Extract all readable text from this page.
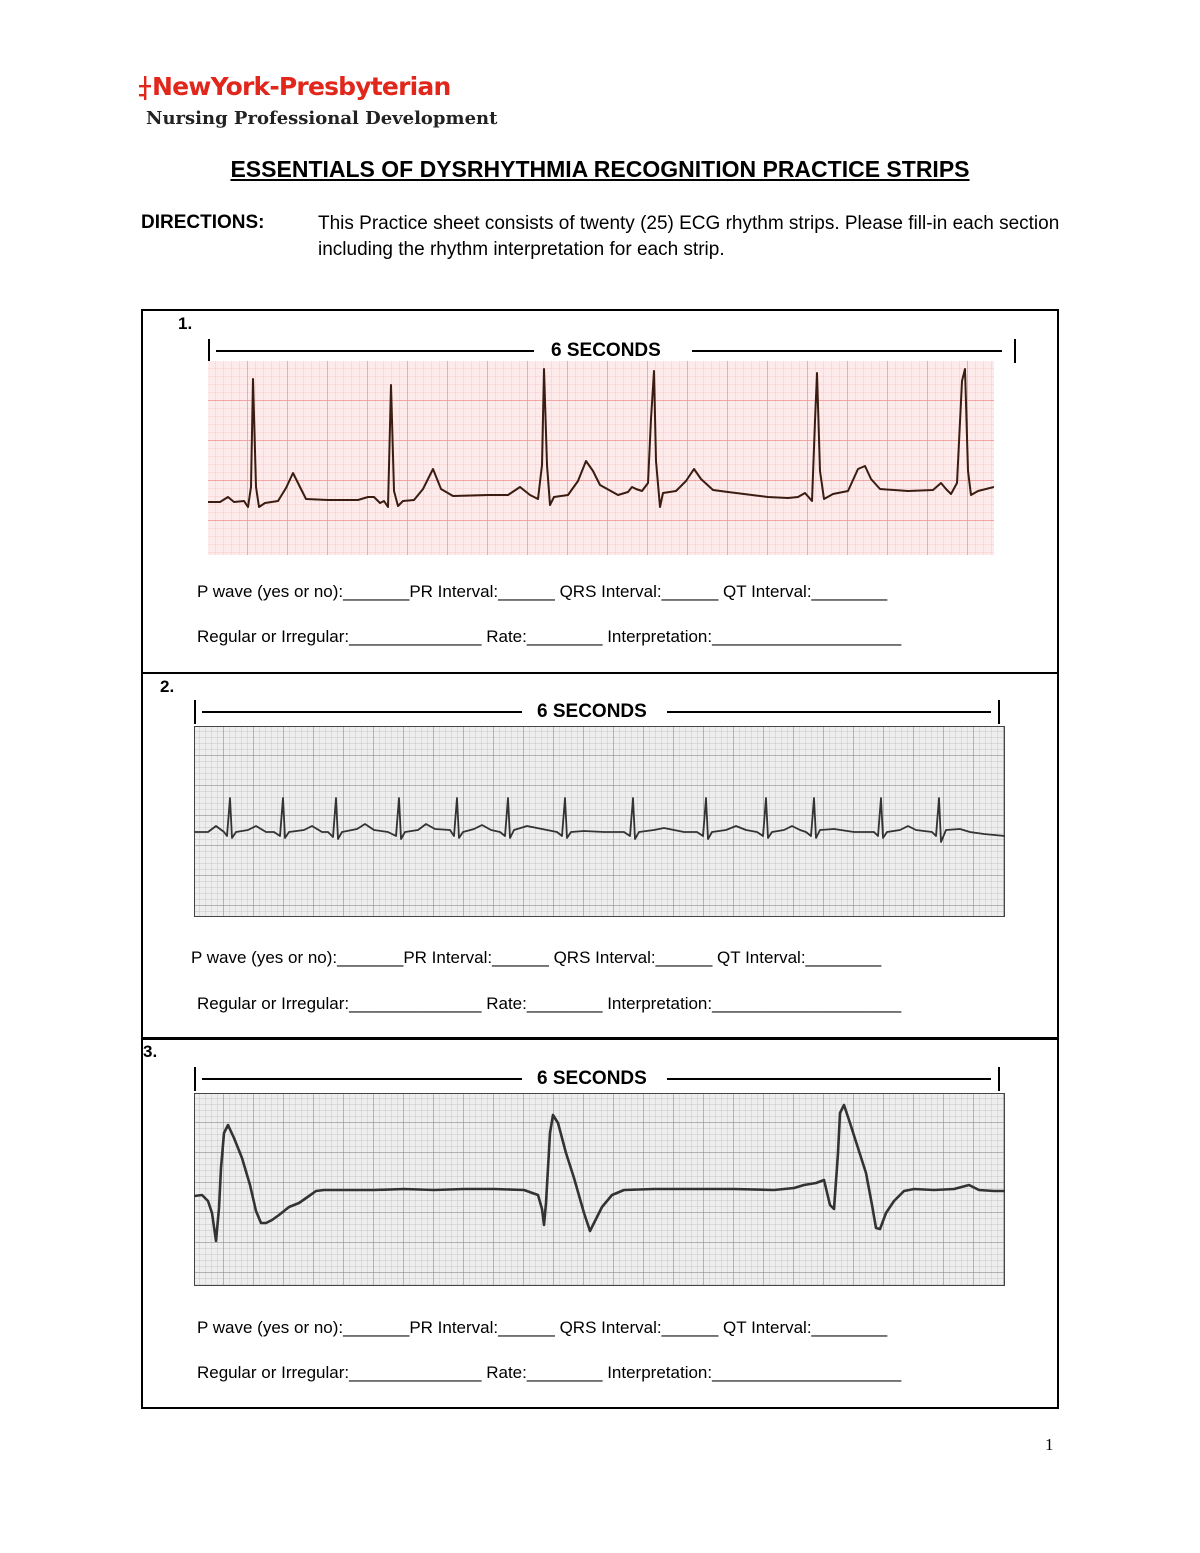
NewYork-Presbyterian
Nursing Professional Development
ESSENTIALS OF DYSRHYTHMIA RECOGNITION PRACTICE STRIPS
DIRECTIONS:	This Practice sheet consists of twenty (25) ECG rhythm strips. Please fill-in each section including the rhythm interpretation for each strip.
1.
6 SECONDS
P wave (yes or no):_______PR Interval:______ QRS Interval:______ QT Interval:________
Regular or Irregular:______________ Rate:________ Interpretation:____________________
2.
6 SECONDS
P wave (yes or no):_______PR Interval:______ QRS Interval:______ QT Interval:________
Regular or Irregular:______________ Rate:________ Interpretation:____________________
3.
6 SECONDS
P wave (yes or no):_______PR Interval:______ QRS Interval:______ QT Interval:________
Regular or Irregular:______________ Rate:________ Interpretation:____________________
1
